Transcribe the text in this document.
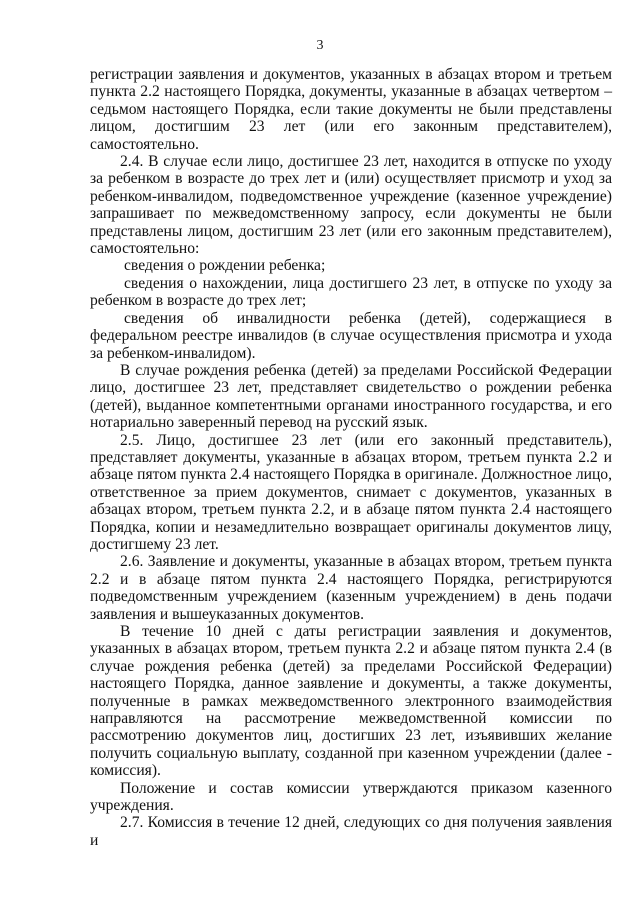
3

регистрации заявления и документов, указанных в абзацах втором и третьем пункта 2.2 настоящего Порядка, документы, указанные в абзацах четвертом – седьмом настоящего Порядка, если такие документы не были представлены лицом, достигшим 23 лет (или его законным представителем), самостоятельно.

2.4. В случае если лицо, достигшее 23 лет, находится в отпуске по уходу за ребенком в возрасте до трех лет и (или) осуществляет присмотр и уход за ребенком-инвалидом, подведомственное учреждение (казенное учреждение) запрашивает по межведомственному запросу, если документы не были представлены лицом, достигшим 23 лет (или его законным представителем), самостоятельно:

сведения о рождении ребенка;

сведения о нахождении, лица достигшего 23 лет, в отпуске по уходу за ребенком в возрасте до трех лет;

сведения об инвалидности ребенка (детей), содержащиеся в федеральном реестре инвалидов (в случае осуществления присмотра и ухода за ребенком-инвалидом).

В случае рождения ребенка (детей) за пределами Российской Федерации лицо, достигшее 23 лет, представляет свидетельство о рождении ребенка (детей), выданное компетентными органами иностранного государства, и его нотариально заверенный перевод на русский язык.

2.5. Лицо, достигшее 23 лет (или его законный представитель), представляет документы, указанные в абзацах втором, третьем пункта 2.2 и абзаце пятом пункта 2.4 настоящего Порядка в оригинале. Должностное лицо, ответственное за прием документов, снимает с документов, указанных в абзацах втором, третьем пункта 2.2, и в абзаце пятом пункта 2.4 настоящего Порядка, копии и незамедлительно возвращает оригиналы документов лицу, достигшему 23 лет.

2.6. Заявление и документы, указанные в абзацах втором, третьем пункта 2.2 и в абзаце пятом пункта 2.4 настоящего Порядка, регистрируются подведомственным учреждением (казенным учреждением) в день подачи заявления и вышеуказанных документов.

В течение 10 дней с даты регистрации заявления и документов, указанных в абзацах втором, третьем пункта 2.2 и абзаце пятом пункта 2.4 (в случае рождения ребенка (детей) за пределами Российской Федерации) настоящего Порядка, данное заявление и документы, а также документы, полученные в рамках межведомственного электронного взаимодействия направляются на рассмотрение межведомственной комиссии по рассмотрению документов лиц, достигших 23 лет, изъявивших желание получить социальную выплату, созданной при казенном учреждении (далее - комиссия).

Положение и состав комиссии утверждаются приказом казенного учреждения.

2.7. Комиссия в течение 12 дней, следующих со дня получения заявления и
